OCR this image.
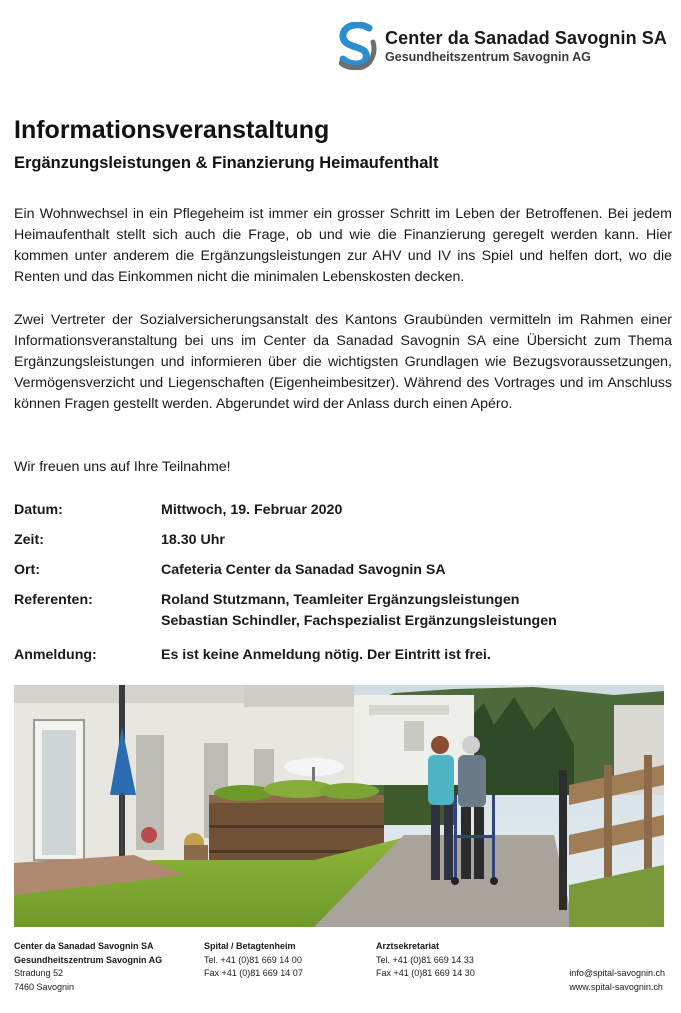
Center da Sanadad Savognin SA
Gesundheitszentrum Savognin AG
Informationsveranstaltung
Ergänzungsleistungen & Finanzierung Heimaufenthalt

Ein Wohnwechsel in ein Pflegeheim ist immer ein grosser Schritt im Leben der Betroffenen. Bei jedem Heimaufenthalt stellt sich auch die Frage, ob und wie die Finanzierung geregelt werden kann. Hier kommen unter anderem die Ergänzungsleistungen zur AHV und IV ins Spiel und helfen dort, wo die Renten und das Einkommen nicht die minimalen Lebenskosten decken.

Zwei Vertreter der Sozialversicherungsanstalt des Kantons Graubünden vermitteln im Rahmen einer Informationsveranstaltung bei uns im Center da Sanadad Savognin SA eine Übersicht zum Thema Ergänzungsleistungen und informieren über die wichtigsten Grundlagen wie Bezugsvoraussetzungen, Vermögensverzicht und Liegenschaften (Eigenheimbesitzer). Während des Vortrages und im Anschluss können Fragen gestellt werden. Abgerundet wird der Anlass durch einen Apéro.

Wir freuen uns auf Ihre Teilnahme!

Datum:	Mittwoch, 19. Februar 2020
Zeit:	18.30 Uhr
Ort:	Cafeteria Center da Sanadad Savognin SA
Referenten:	Roland Stutzmann, Teamleiter Ergänzungsleistungen
Sebastian Schindler, Fachspezialist Ergänzungsleistungen
Anmeldung:	Es ist keine Anmeldung nötig. Der Eintritt ist frei.
Center da Sanadad Savognin SA
Gesundheitszentrum Savognin AG
Stradung 52
7460 Savognin
Spital / Betagtenheim
Tel. +41 (0)81 669 14 00
Fax +41 (0)81 669 14 07
Arztsekretariat
Tel. +41 (0)81 669 14 33
Fax +41 (0)81 669 14 30	info@spital-savognin.ch
www.spital-savognin.ch
